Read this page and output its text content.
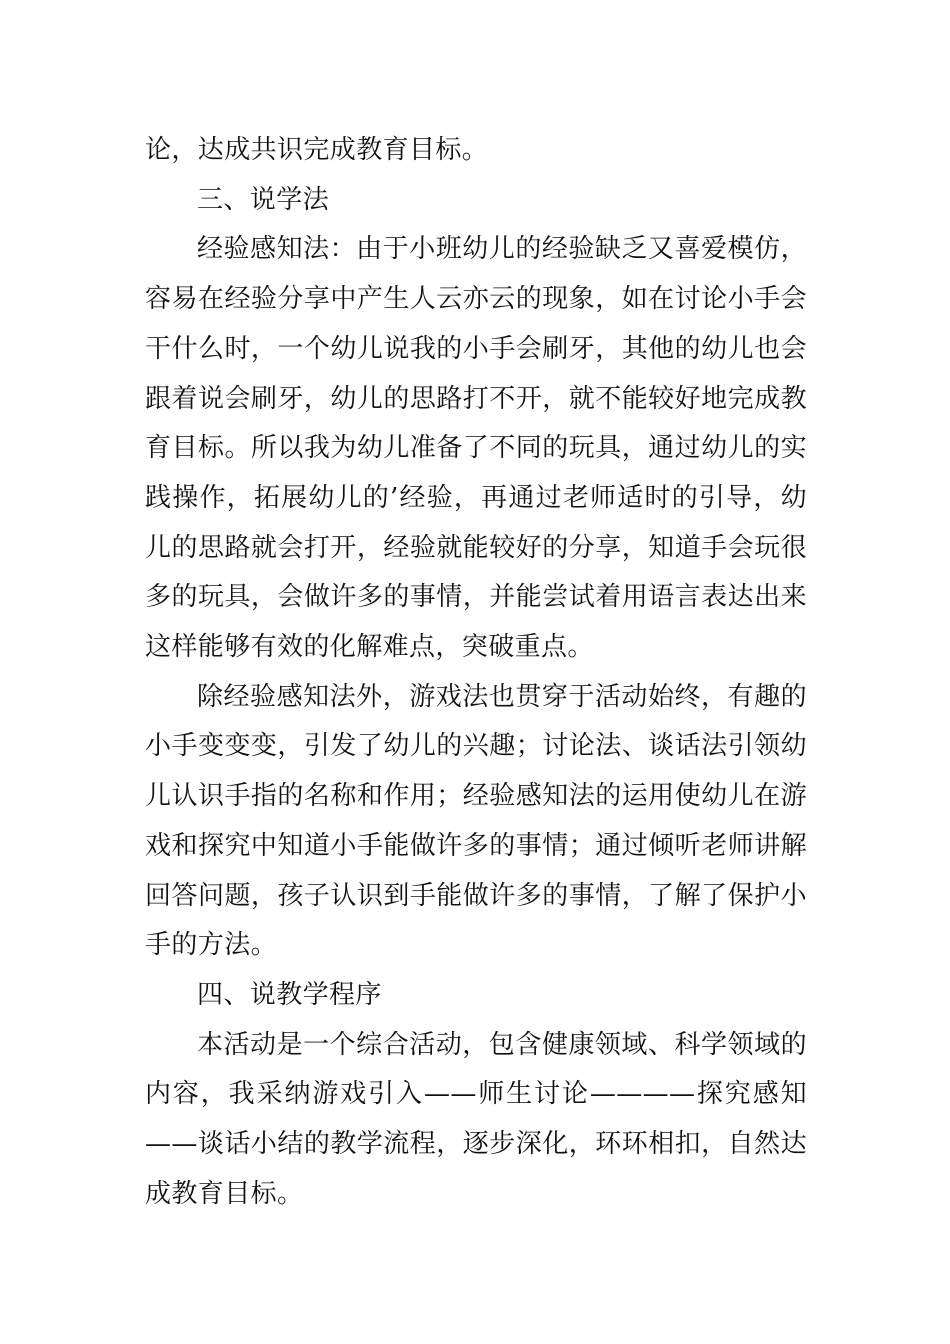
论，达成共识完成教育目标。

三、说学法

经验感知法：由于小班幼儿的经验缺乏又喜爱模仿，容易在经验分享中产生人云亦云的现象，如在讨论小手会干什么时，一个幼儿说我的小手会刷牙，其他的幼儿也会跟着说会刷牙，幼儿的思路打不开，就不能较好地完成教育目标。所以我为幼儿准备了不同的玩具，通过幼儿的实践操作，拓展幼儿的’经验，再通过老师适时的引导，幼儿的思路就会打开，经验就能较好的分享，知道手会玩很多的玩具，会做许多的事情，并能尝试着用语言表达出来这样能够有效的化解难点，突破重点。

除经验感知法外，游戏法也贯穿于活动始终，有趣的小手变变变，引发了幼儿的兴趣；讨论法、谈话法引领幼儿认识手指的名称和作用；经验感知法的运用使幼儿在游戏和探究中知道小手能做许多的事情；通过倾听老师讲解回答问题，孩子认识到手能做许多的事情，了解了保护小手的方法。

四、说教学程序

本活动是一个综合活动，包含健康领域、科学领域的内容，我采纳游戏引入——师生讨论————探究感知——谈话小结的教学流程，逐步深化，环环相扣，自然达成教育目标。
